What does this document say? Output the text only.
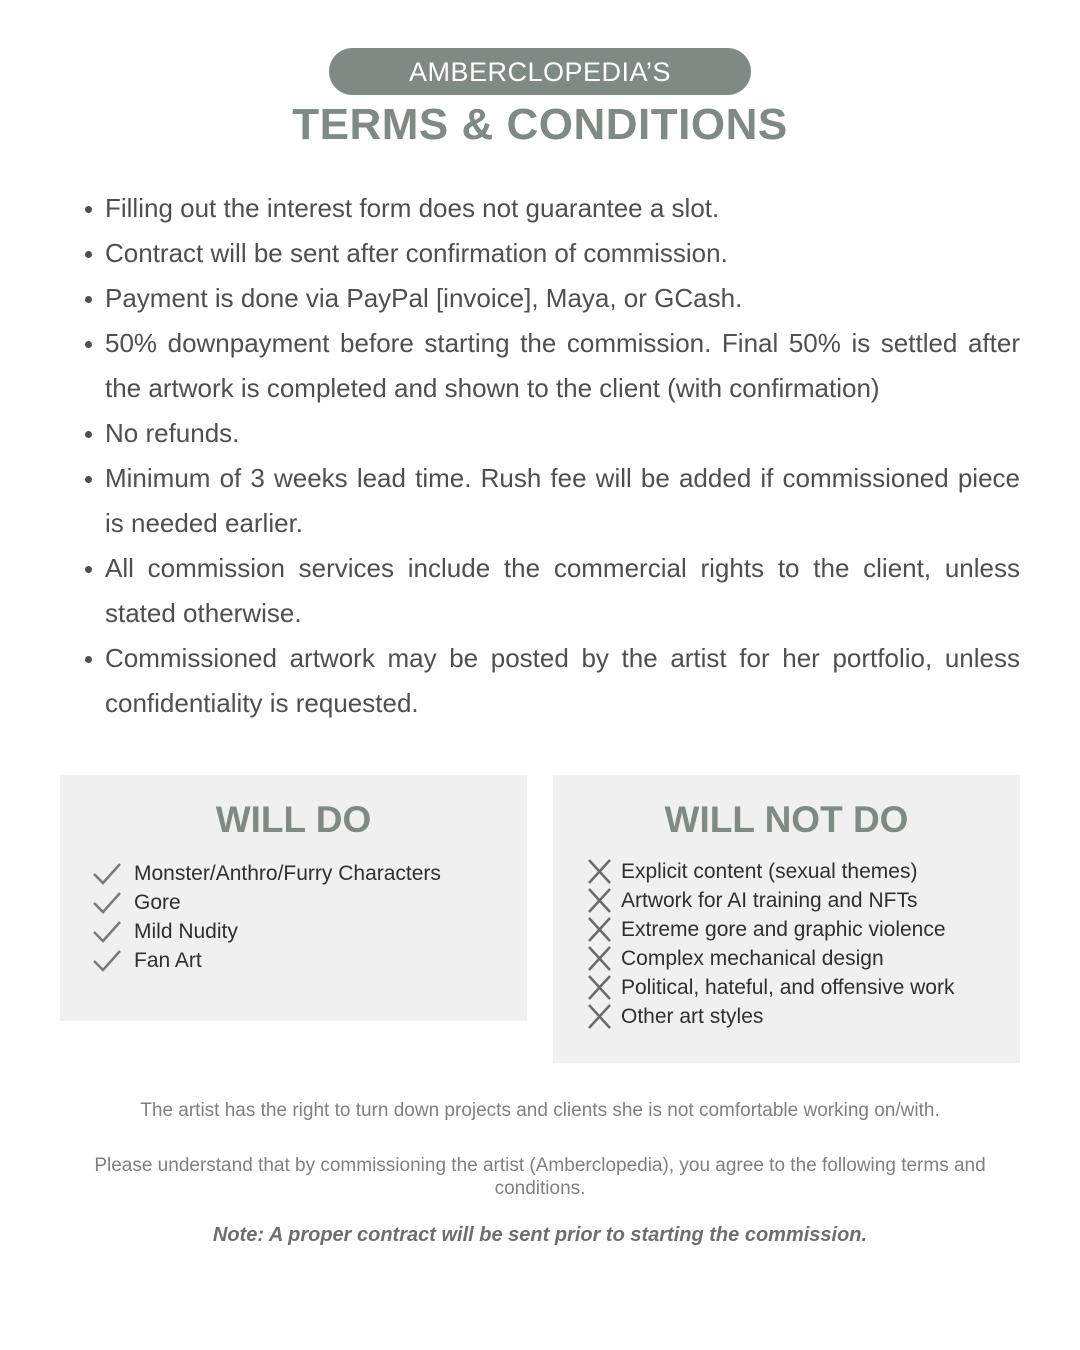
AMBERCLOPEDIA’S
TERMS & CONDITIONS
Filling out the interest form does not guarantee a slot.
Contract will be sent after confirmation of commission.
Payment is done via PayPal [invoice], Maya, or GCash.
50% downpayment before starting the commission. Final 50% is settled after the artwork is completed and shown to the client (with confirmation)
No refunds.
Minimum of 3 weeks lead time. Rush fee will be added if commissioned piece is needed earlier.
All commission services include the commercial rights to the client, unless stated otherwise.
Commissioned artwork may be posted by the artist for her portfolio, unless confidentiality is requested.
WILL DO
Monster/Anthro/Furry Characters
Gore
Mild Nudity
Fan Art
WILL NOT DO
Explicit content (sexual themes)
Artwork for AI training and NFTs
Extreme gore and graphic violence
Complex mechanical design
Political, hateful, and offensive work
Other art styles
The artist has the right to turn down projects and clients she is not comfortable working on/with.
Please understand that by commissioning the artist (Amberclopedia), you agree to the following terms and conditions.
Note: A proper contract will be sent prior to starting the commission.
